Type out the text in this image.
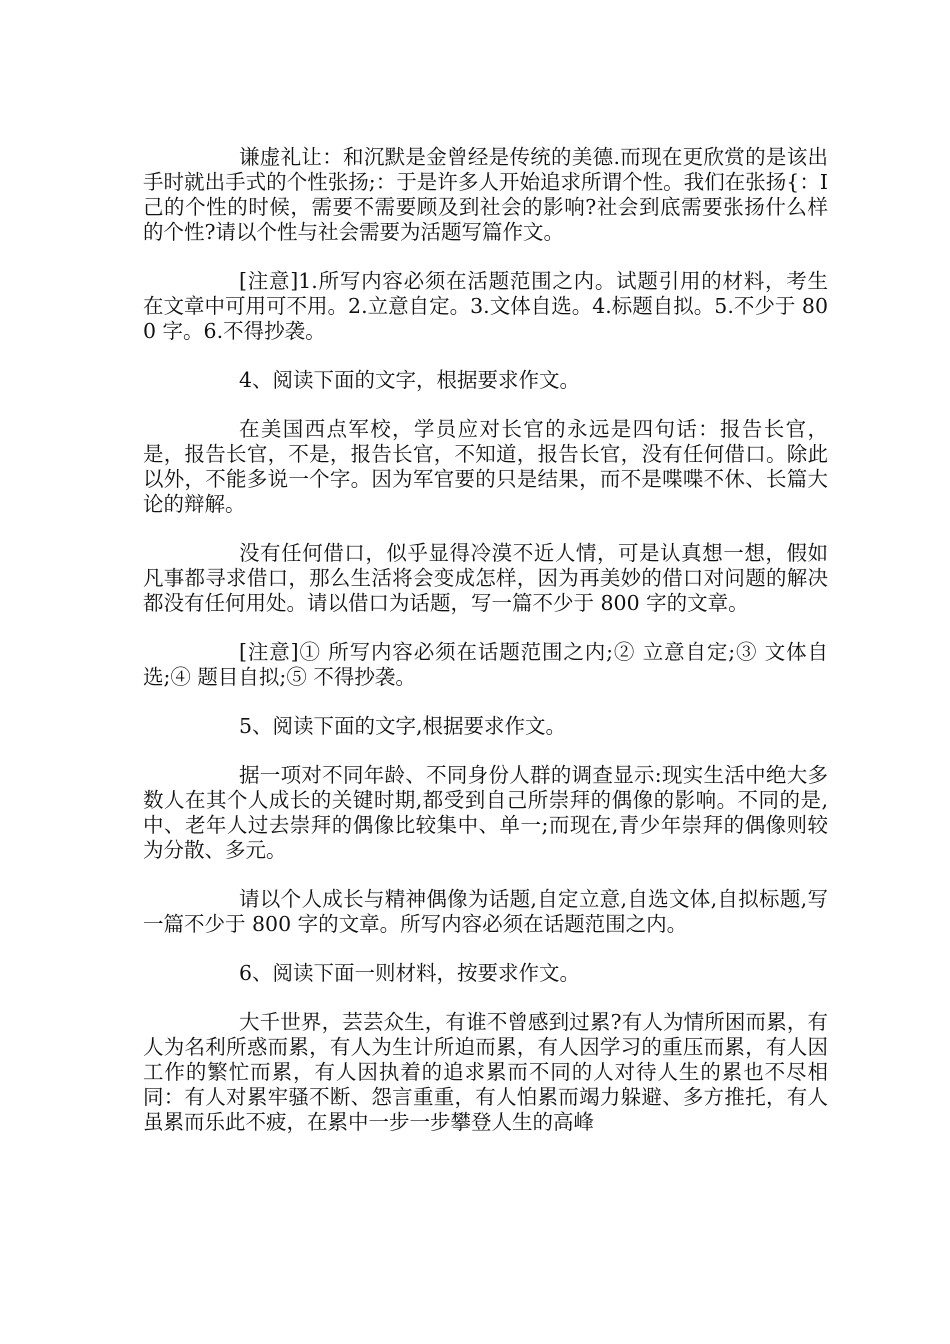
谦虚礼让：和沉默是金曾经是传统的美德.而现在更欣赏的是该出手时就出手式的个性张扬;：于是许多人开始追求所谓个性。我们在张扬{：I 己的个性的时候，需要不需要顾及到社会的影响?社会到底需要张扬什么样的个性?请以个性与社会需要为活题写篇作文。

[注意]1.所写内容必须在活题范围之内。试题引用的材料，考生在文章中可用可不用。2.立意自定。3.文体自选。4.标题自拟。5.不少于 800 字。6.不得抄袭。

4、阅读下面的文字，根据要求作文。

在美国西点军校，学员应对长官的永远是四句话：报告长官，是，报告长官，不是，报告长官，不知道，报告长官，没有任何借口。除此以外，不能多说一个字。因为军官要的只是结果，而不是喋喋不休、长篇大论的辩解。

没有任何借口，似乎显得冷漠不近人情，可是认真想一想，假如凡事都寻求借口，那么生活将会变成怎样，因为再美妙的借口对问题的解决都没有任何用处。请以借口为话题，写一篇不少于 800 字的文章。

[注意]① 所写内容必须在话题范围之内;② 立意自定;③ 文体自选;④ 题目自拟;⑤ 不得抄袭。

5、阅读下面的文字,根据要求作文。

据一项对不同年龄、不同身份人群的调查显示:现实生活中绝大多数人在其个人成长的关键时期,都受到自己所崇拜的偶像的影响。不同的是,中、老年人过去崇拜的偶像比较集中、单一;而现在,青少年崇拜的偶像则较为分散、多元。

请以个人成长与精神偶像为话题,自定立意,自选文体,自拟标题,写一篇不少于 800 字的文章。所写内容必须在话题范围之内。

6、阅读下面一则材料，按要求作文。

大千世界，芸芸众生，有谁不曾感到过累?有人为情所困而累，有人为名利所惑而累，有人为生计所迫而累，有人因学习的重压而累，有人因工作的繁忙而累，有人因执着的追求累而不同的人对待人生的累也不尽相同：有人对累牢骚不断、怨言重重，有人怕累而竭力躲避、多方推托，有人虽累而乐此不疲，在累中一步一步攀登人生的高峰
